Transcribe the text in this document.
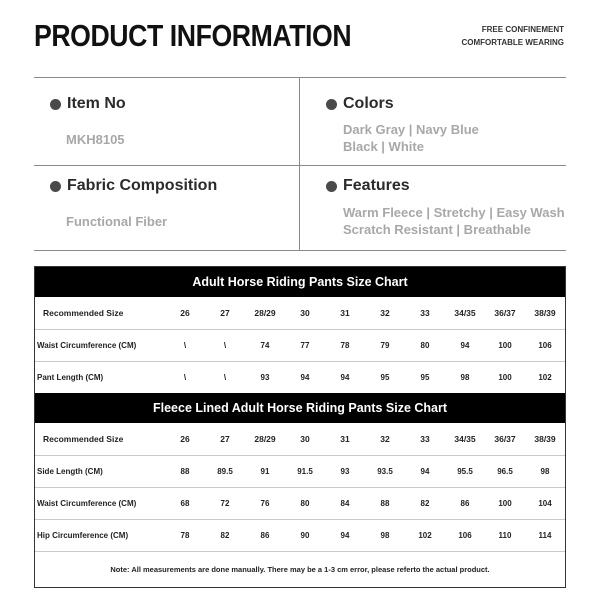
PRODUCT INFORMATION	FREE CONFINEMENT
COMFORTABLE WEARING
Item No
MKH8105
Colors
Dark Gray | Navy Blue
Black | White
Fabric Composition
Functional Fiber
Features
Warm Fleece | Stretchy | Easy Wash
Scratch Resistant | Breathable
Note: All measurements are done manually. There may be a 1-3 cm error, please referto the actual product.
Adult Horse Riding Pants Size Chart
Recommended Size	26	27	28/29	30	31	32	33	34/35	36/37	38/39
Waist Circumference (CM)	\	\	74	77	78	79	80	94	100	106
Pant Length (CM)	\	\	93	94	94	95	95	98	100	102
Fleece Lined Adult Horse Riding Pants Size Chart
Recommended Size	26	27	28/29	30	31	32	33	34/35	36/37	38/39
Side Length (CM)	88	89.5	91	91.5	93	93.5	94	95.5	96.5	98
Waist Circumference (CM)	68	72	76	80	84	88	82	86	100	104
Hip Circumference (CM)	78	82	86	90	94	98	102	106	110	114
